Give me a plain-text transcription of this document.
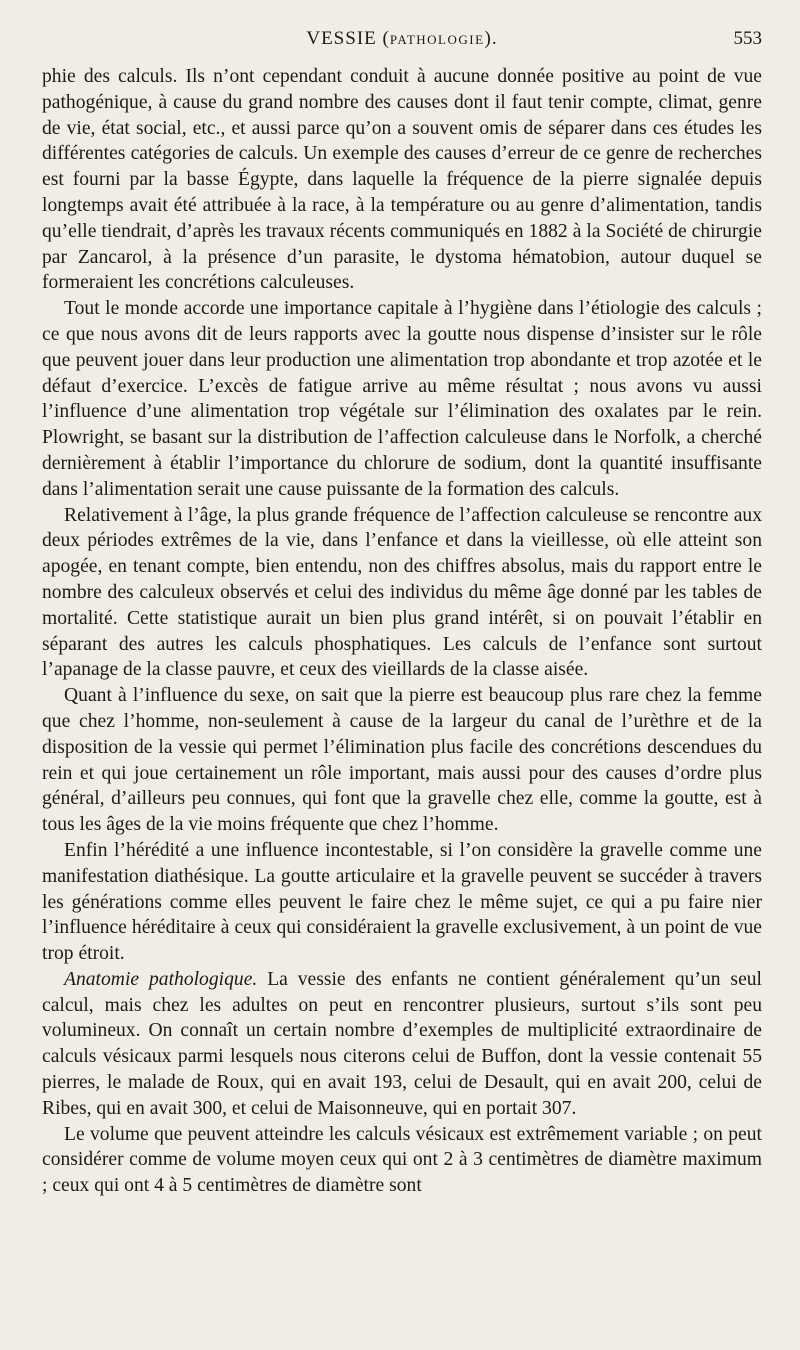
VESSIE (PATHOLOGIE).	553

phie des calculs. Ils n’ont cependant conduit à aucune donnée positive au point de vue pathogénique, à cause du grand nombre des causes dont il faut tenir compte, climat, genre de vie, état social, etc., et aussi parce qu’on a souvent omis de séparer dans ces études les différentes catégories de calculs. Un exemple des causes d’erreur de ce genre de recherches est fourni par la basse Égypte, dans laquelle la fréquence de la pierre signalée depuis longtemps avait été attribuée à la race, à la température ou au genre d’alimentation, tandis qu’elle tiendrait, d’après les travaux récents communiqués en 1882 à la Société de chirurgie par Zancarol, à la présence d’un parasite, le dystoma hématobion, autour duquel se formeraient les concrétions calculeuses.

Tout le monde accorde une importance capitale à l’hygiène dans l’étiologie des calculs ; ce que nous avons dit de leurs rapports avec la goutte nous dispense d’insister sur le rôle que peuvent jouer dans leur production une alimentation trop abondante et trop azotée et le défaut d’exercice. L’excès de fatigue arrive au même résultat ; nous avons vu aussi l’influence d’une alimentation trop végétale sur l’élimination des oxalates par le rein. Plowright, se basant sur la distribution de l’affection calculeuse dans le Norfolk, a cherché dernièrement à établir l’importance du chlorure de sodium, dont la quantité insuffisante dans l’alimentation serait une cause puissante de la formation des calculs.

Relativement à l’âge, la plus grande fréquence de l’affection calculeuse se rencontre aux deux périodes extrêmes de la vie, dans l’enfance et dans la vieillesse, où elle atteint son apogée, en tenant compte, bien entendu, non des chiffres absolus, mais du rapport entre le nombre des calculeux observés et celui des individus du même âge donné par les tables de mortalité. Cette statistique aurait un bien plus grand intérêt, si on pouvait l’établir en séparant des autres les calculs phosphatiques. Les calculs de l’enfance sont surtout l’apanage de la classe pauvre, et ceux des vieillards de la classe aisée.

Quant à l’influence du sexe, on sait que la pierre est beaucoup plus rare chez la femme que chez l’homme, non-seulement à cause de la largeur du canal de l’urèthre et de la disposition de la vessie qui permet l’élimination plus facile des concrétions descendues du rein et qui joue certainement un rôle important, mais aussi pour des causes d’ordre plus général, d’ailleurs peu connues, qui font que la gravelle chez elle, comme la goutte, est à tous les âges de la vie moins fréquente que chez l’homme.

Enfin l’hérédité a une influence incontestable, si l’on considère la gravelle comme une manifestation diathésique. La goutte articulaire et la gravelle peuvent se succéder à travers les générations comme elles peuvent le faire chez le même sujet, ce qui a pu faire nier l’influence héréditaire à ceux qui considéraient la gravelle exclusivement, à un point de vue trop étroit.

Anatomie pathologique. La vessie des enfants ne contient généralement qu’un seul calcul, mais chez les adultes on peut en rencontrer plusieurs, surtout s’ils sont peu volumineux. On connaît un certain nombre d’exemples de multiplicité extraordinaire de calculs vésicaux parmi lesquels nous citerons celui de Buffon, dont la vessie contenait 55 pierres, le malade de Roux, qui en avait 193, celui de Desault, qui en avait 200, celui de Ribes, qui en avait 300, et celui de Maisonneuve, qui en portait 307.

Le volume que peuvent atteindre les calculs vésicaux est extrêmement variable ; on peut considérer comme de volume moyen ceux qui ont 2 à 3 centimètres de diamètre maximum ; ceux qui ont 4 à 5 centimètres de diamètre sont
